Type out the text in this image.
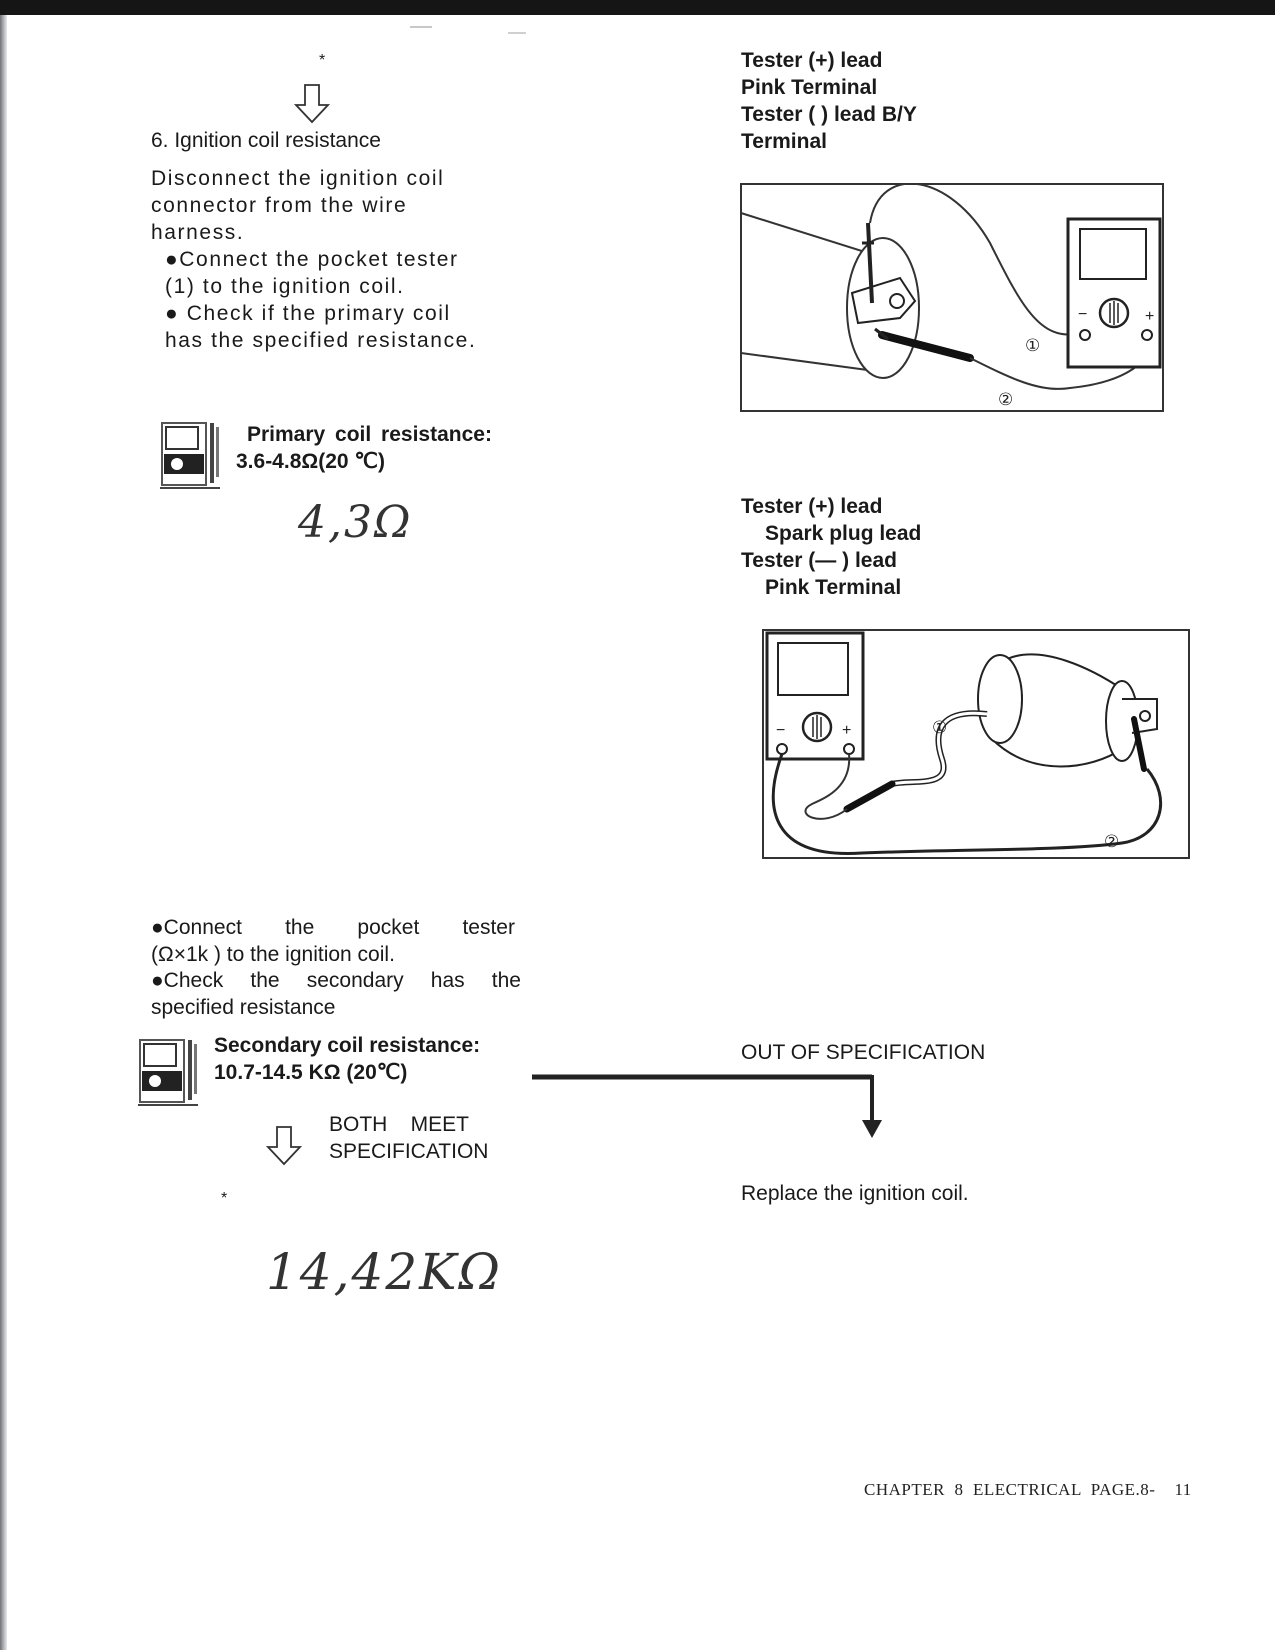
*
6. Ignition coil resistance
Disconnect the ignition coil
connector from the wire
harness.
●Connect the pocket tester
(1) to the ignition coil.
● Check if the primary coil
has the specified resistance.
Primary coil resistance:
3.6-4.8Ω(20 ℃)
4,3Ω
●Connect the pocket tester
(Ω×1k ) to the ignition coil.
●Check the secondary has the
specified resistance
Secondary coil resistance:
10.7-14.5 KΩ (20℃)
BOTH    MEET
SPECIFICATION
*
14,42KΩ
Tester (+) lead
Pink Terminal
Tester ( ) lead B/Y
Terminal
−	+
①
②
Tester (+) lead
Spark plug lead
Tester (— ) lead
Pink Terminal
−	+	①
②
OUT OF SPECIFICATION
Replace the ignition coil.
CHAPTER  8  ELECTRICAL  PAGE.8-    11
